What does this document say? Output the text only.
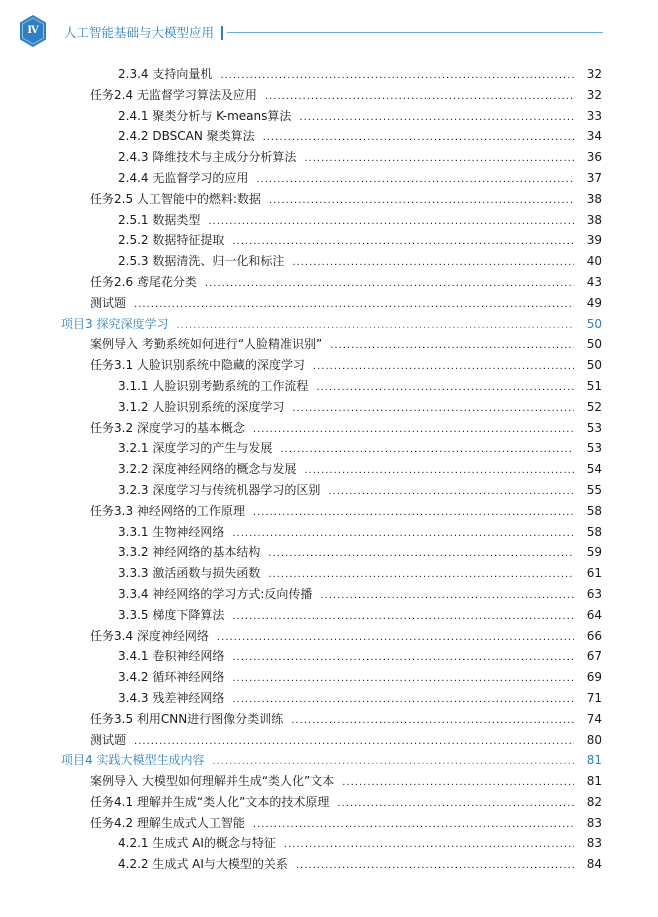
Ⅳ	人工智能基础与大模型应用
2.3.4 支持向量机 .....	32
任务2.4 无监督学习算法及应用 .....	32
2.4.1 聚类分析与 K-means算法 .....	33
2.4.2 DBSCAN 聚类算法 .....	34
2.4.3 降维技术与主成分分析算法 .....	36
2.4.4 无监督学习的应用 .....	37
任务2.5 人工智能中的燃料:数据 .....	38
2.5.1 数据类型 .....	38
2.5.2 数据特征提取 .....	39
2.5.3 数据清洗、归一化和标注 .....	40
任务2.6 鸢尾花分类 .....	43
测试题 .....	49
项目3 探究深度学习 .....	50
案例导入 考勤系统如何进行“人脸精准识别” .....	50
任务3.1 人脸识别系统中隐藏的深度学习 .....	50
3.1.1 人脸识别考勤系统的工作流程 .....	51
3.1.2 人脸识别系统的深度学习 .....	52
任务3.2 深度学习的基本概念 .....	53
3.2.1 深度学习的产生与发展 .....	53
3.2.2 深度神经网络的概念与发展 .....	54
3.2.3 深度学习与传统机器学习的区别 .....	55
任务3.3 神经网络的工作原理 .....	58
3.3.1 生物神经网络 .....	58
3.3.2 神经网络的基本结构 .....	59
3.3.3 激活函数与损失函数 .....	61
3.3.4 神经网络的学习方式:反向传播 .....	63
3.3.5 梯度下降算法 .....	64
任务3.4 深度神经网络 .....	66
3.4.1 卷积神经网络 .....	67
3.4.2 循环神经网络 .....	69
3.4.3 残差神经网络 .....	71
任务3.5 利用CNN进行图像分类训练 .....	74
测试题 .....	80
项目4 实践大模型生成内容 .....	81
案例导入 大模型如何理解并生成“类人化”文本 .....	81
任务4.1 理解并生成“类人化”文本的技术原理 .....	82
任务4.2 理解生成式人工智能 .....	83
4.2.1 生成式 AI的概念与特征 .....	83
4.2.2 生成式 AI与大模型的关系 .....	84
